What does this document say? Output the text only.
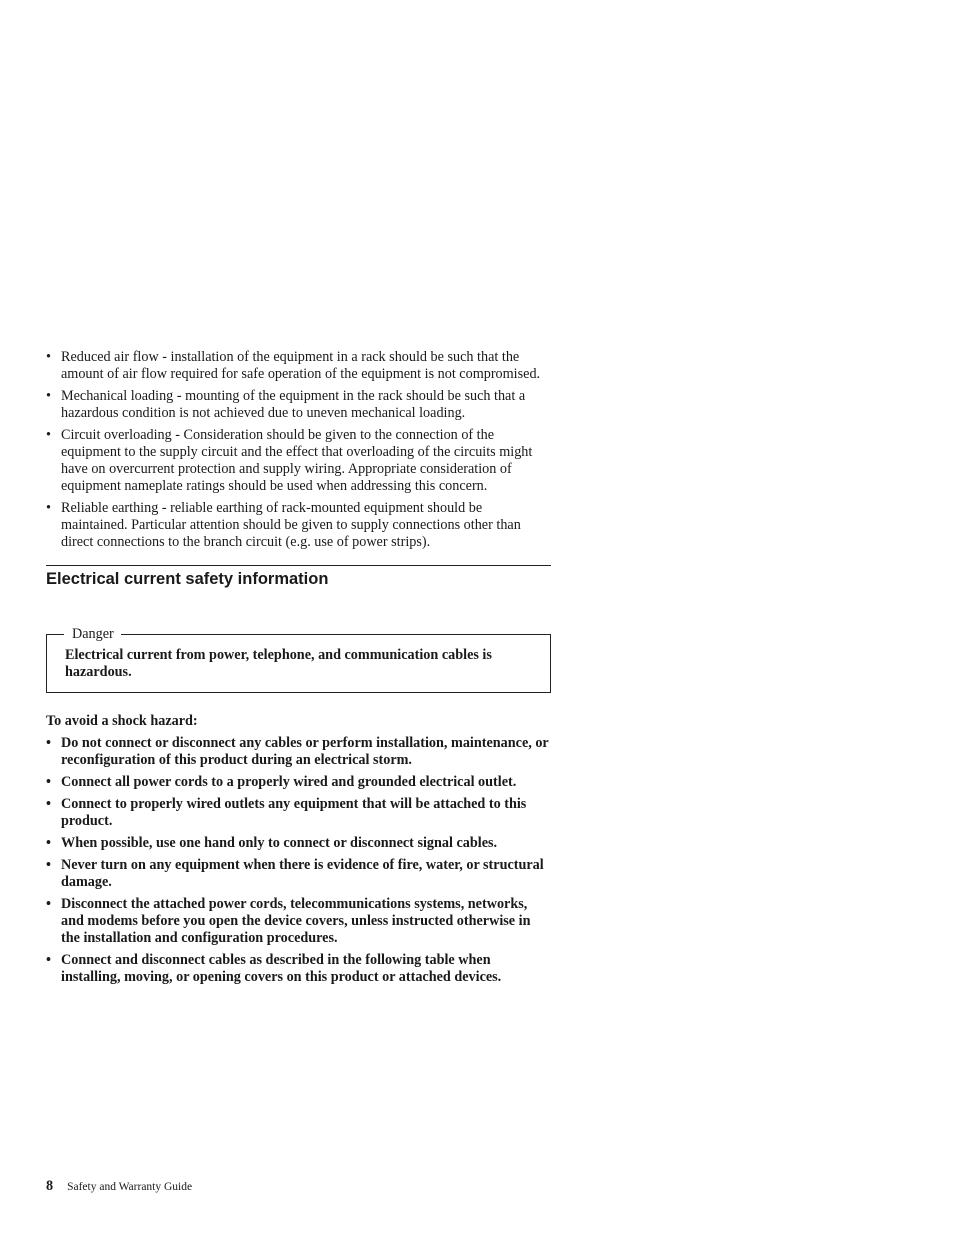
• Reduced air flow - installation of the equipment in a rack should be such that the amount of air flow required for safe operation of the equipment is not compromised.
• Mechanical loading - mounting of the equipment in the rack should be such that a hazardous condition is not achieved due to uneven mechanical loading.
• Circuit overloading - Consideration should be given to the connection of the equipment to the supply circuit and the effect that overloading of the circuits might have on overcurrent protection and supply wiring. Appropriate consideration of equipment nameplate ratings should be used when addressing this concern.
• Reliable earthing - reliable earthing of rack-mounted equipment should be maintained. Particular attention should be given to supply connections other than direct connections to the branch circuit (e.g. use of power strips).
Electrical current safety information
Danger
Electrical current from power, telephone, and communication cables is hazardous.
To avoid a shock hazard:
• Do not connect or disconnect any cables or perform installation, maintenance, or reconfiguration of this product during an electrical storm.
• Connect all power cords to a properly wired and grounded electrical outlet.
• Connect to properly wired outlets any equipment that will be attached to this product.
• When possible, use one hand only to connect or disconnect signal cables.
• Never turn on any equipment when there is evidence of fire, water, or structural damage.
• Disconnect the attached power cords, telecommunications systems, networks, and modems before you open the device covers, unless instructed otherwise in the installation and configuration procedures.
• Connect and disconnect cables as described in the following table when installing, moving, or opening covers on this product or attached devices.
8 Safety and Warranty Guide
